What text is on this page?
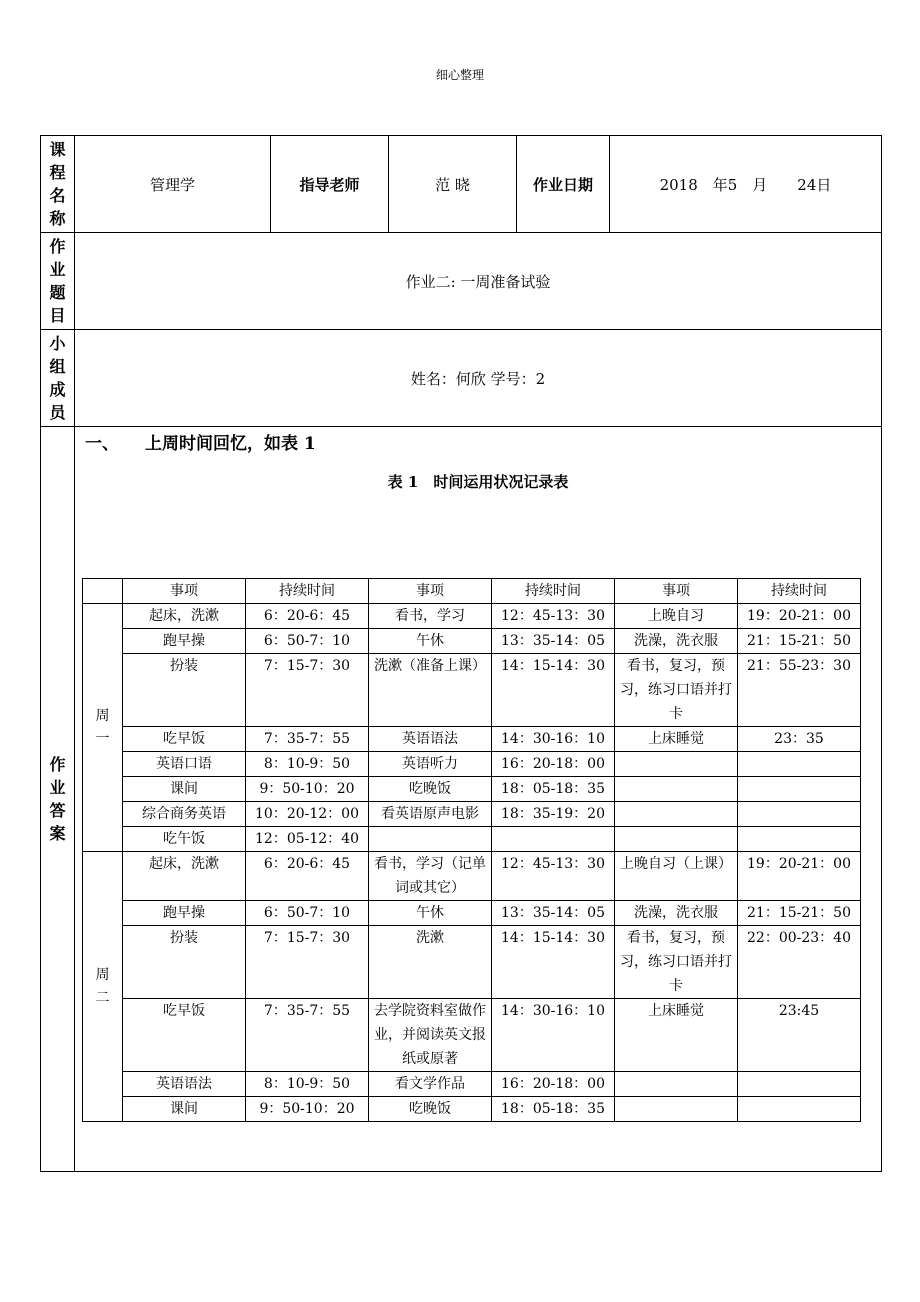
细心整理
课程名称	管理学	指导老师	范 晓	作业日期	2018　年5　月　　24日
作业题目	作业二: 一周准备试验				
小组成员	姓名：何欣 学号：2				
作业答案	一、 上周时间回忆，如表 1
表 1　时间运用状况记录表				
	事项	持续时间	事项	持续时间	事项	持续时间
周一	起床，洗漱	6：20-6：45	看书，学习	12：45-13：30	上晚自习	19：20-21：00
	跑早操	6：50-7：10	午休	13：35-14：05	洗澡，洗衣服	21：15-21：50
	扮装	7：15-7：30	洗漱（准备上课）	14：15-14：30	看书，复习，预习，练习口语并打卡	21：55-23：30
	吃早饭	7：35-7：55	英语语法	14：30-16：10	上床睡觉	23：35
	英语口语	8：10-9：50	英语听力	16：20-18：00		
	课间	9：50-10：20	吃晚饭	18：05-18：35		
	综合商务英语	10：20-12：00	看英语原声电影	18：35-19：20		
	吃午饭	12：05-12：40				
周二	起床，洗漱	6：20-6：45	看书，学习（记单词或其它）	12：45-13：30	上晚自习（上课）	19：20-21：00
	跑早操	6：50-7：10	午休	13：35-14：05	洗澡，洗衣服	21：15-21：50
	扮装	7：15-7：30	洗漱	14：15-14：30	看书，复习，预习，练习口语并打卡	22：00-23：40
	吃早饭	7：35-7：55	去学院资料室做作业，并阅读英文报纸或原著	14：30-16：10	上床睡觉	23:45
	英语语法	8：10-9：50	看文学作品	16：20-18：00		
	课间	9：50-10：20	吃晚饭	18：05-18：35		
